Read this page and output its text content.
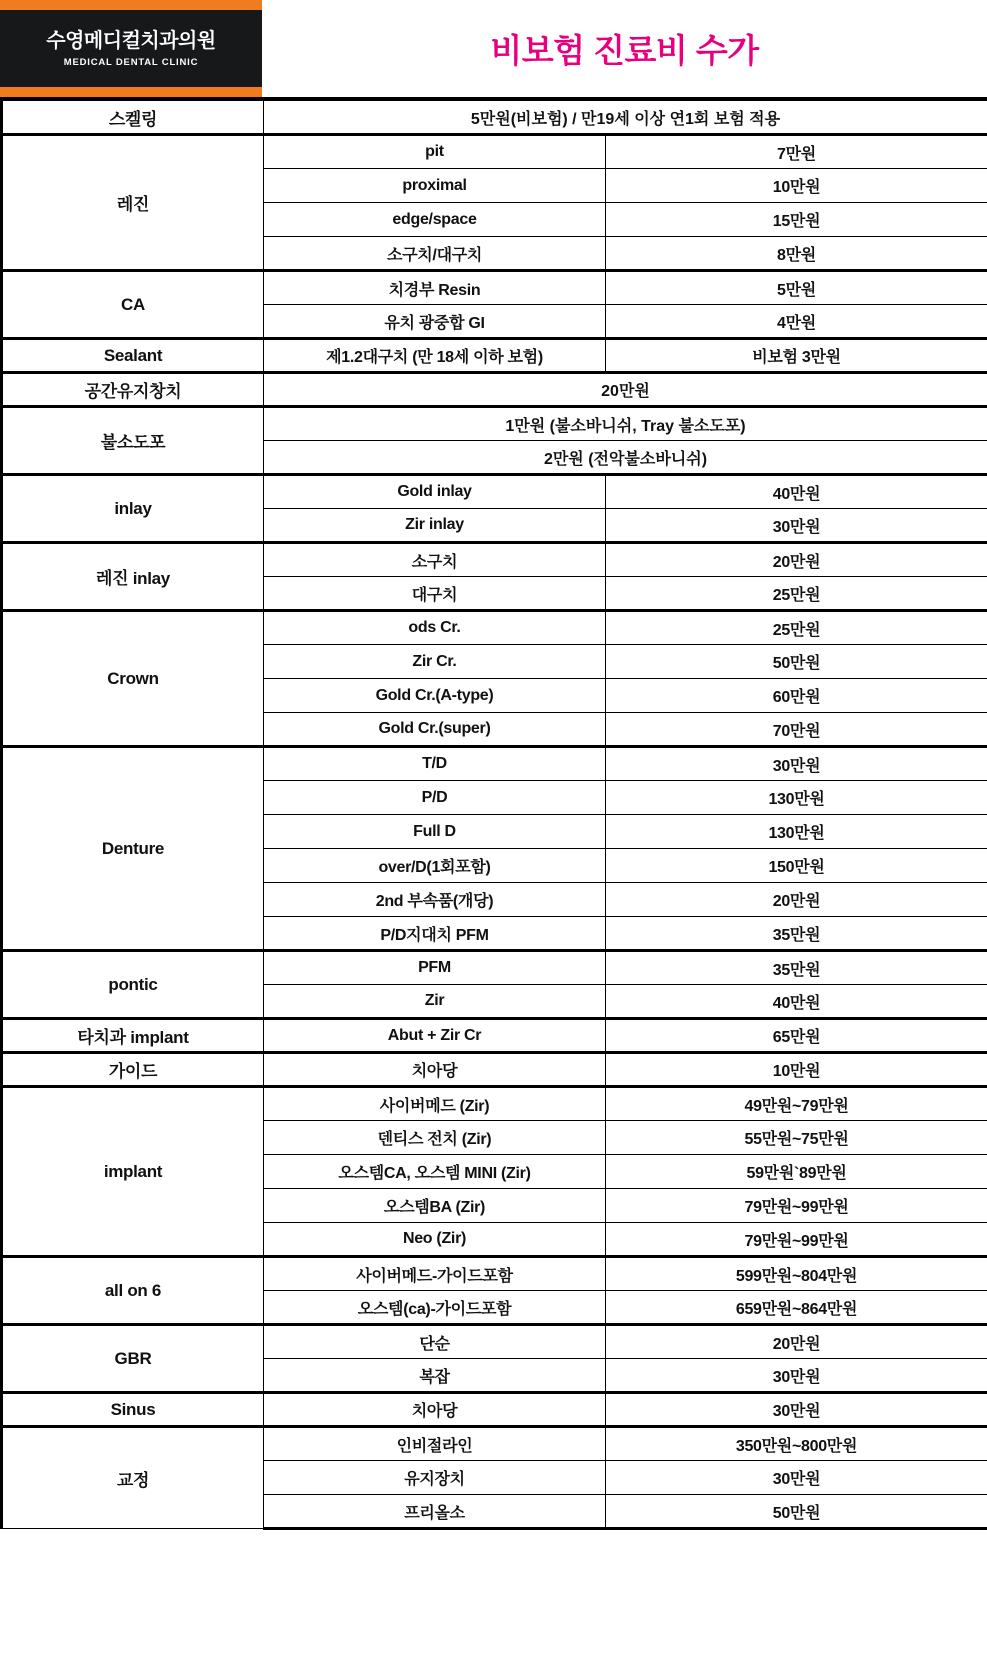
수영메디컬치과의원
MEDICAL DENTAL CLINIC	비보험 진료비 수가
스켈링	5만원(비보험) / 만19세 이상 연1회 보험 적용	
레진	pit	7만원
	proximal	10만원
	edge/space	15만원
	소구치/대구치	8만원
CA	치경부 Resin	5만원
	유치 광중합 GI	4만원
Sealant	제1.2대구치 (만 18세 이하 보험)	비보험 3만원
공간유지창치	20만원	
불소도포	1만원 (불소바니쉬, Tray 불소도포)	
	2만원 (전악불소바니쉬)	
inlay	Gold inlay	40만원
	Zir inlay	30만원
레진 inlay	소구치	20만원
	대구치	25만원
Crown	ods Cr.	25만원
	Zir Cr.	50만원
	Gold Cr.(A-type)	60만원
	Gold Cr.(super)	70만원
Denture	T/D	30만원
	P/D	130만원
	Full D	130만원
	over/D(1회포함)	150만원
	2nd 부속품(개당)	20만원
	P/D지대치 PFM	35만원
pontic	PFM	35만원
	Zir	40만원
타치과 implant	Abut + Zir Cr	65만원
가이드	치아당	10만원
implant	사이버메드 (Zir)	49만원~79만원
	덴티스 전치 (Zir)	55만원~75만원
	오스템CA, 오스템 MINI (Zir)	59만원`89만원
	오스템BA (Zir)	79만원~99만원
	Neo (Zir)	79만원~99만원
all on 6	사이버메드-가이드포함	599만원~804만원
	오스템(ca)-가이드포함	659만원~864만원
GBR	단순	20만원
	복잡	30만원
Sinus	치아당	30만원
교정	인비절라인	350만원~800만원
	유지장치	30만원
	프리올소	50만원
